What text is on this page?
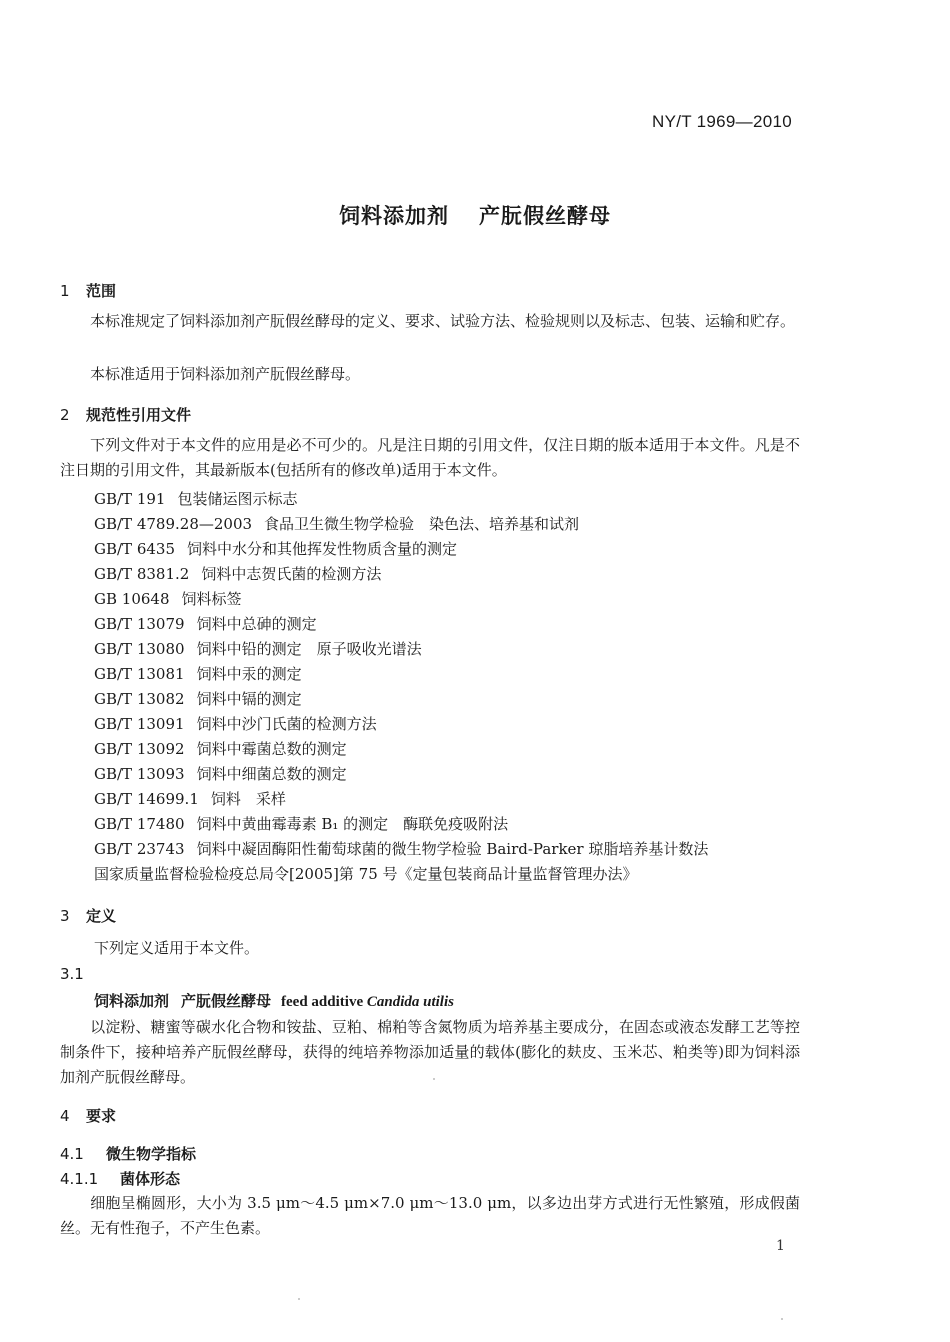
NY/T 1969—2010
饲料添加剂 产朊假丝酵母
1 范围
本标准规定了饲料添加剂产朊假丝酵母的定义、要求、试验方法、检验规则以及标志、包装、运输和贮存。
本标准适用于饲料添加剂产朊假丝酵母。
2 规范性引用文件
下列文件对于本文件的应用是必不可少的。凡是注日期的引用文件，仅注日期的版本适用于本文件。凡是不注日期的引用文件，其最新版本(包括所有的修改单)适用于本文件。
GB/T 191 包装储运图示标志
GB/T 4789.28—2003 食品卫生微生物学检验　染色法、培养基和试剂
GB/T 6435 饲料中水分和其他挥发性物质含量的测定
GB/T 8381.2 饲料中志贺氏菌的检测方法
GB 10648 饲料标签
GB/T 13079 饲料中总砷的测定
GB/T 13080 饲料中铅的测定　原子吸收光谱法
GB/T 13081 饲料中汞的测定
GB/T 13082 饲料中镉的测定
GB/T 13091 饲料中沙门氏菌的检测方法
GB/T 13092 饲料中霉菌总数的测定
GB/T 13093 饲料中细菌总数的测定
GB/T 14699.1 饲料　采样
GB/T 17480 饲料中黄曲霉毒素 B₁ 的测定　酶联免疫吸附法
GB/T 23743 饲料中凝固酶阳性葡萄球菌的微生物学检验 Baird-Parker 琼脂培养基计数法
国家质量监督检验检疫总局令[2005]第 75 号《定量包装商品计量监督管理办法》
3 定义
下列定义适用于本文件。
3.1
饲料添加剂 产朊假丝酵母 feed additive Candida utilis
以淀粉、糖蜜等碳水化合物和铵盐、豆粕、棉粕等含氮物质为培养基主要成分，在固态或液态发酵工艺等控制条件下，接种培养产朊假丝酵母，获得的纯培养物添加适量的载体(膨化的麸皮、玉米芯、粕类等)即为饲料添加剂产朊假丝酵母。
4 要求
4.1 微生物学指标
4.1.1 菌体形态
细胞呈椭圆形，大小为 3.5 μm～4.5 μm×7.0 μm～13.0 μm，以多边出芽方式进行无性繁殖，形成假菌丝。无有性孢子，不产生色素。
1
